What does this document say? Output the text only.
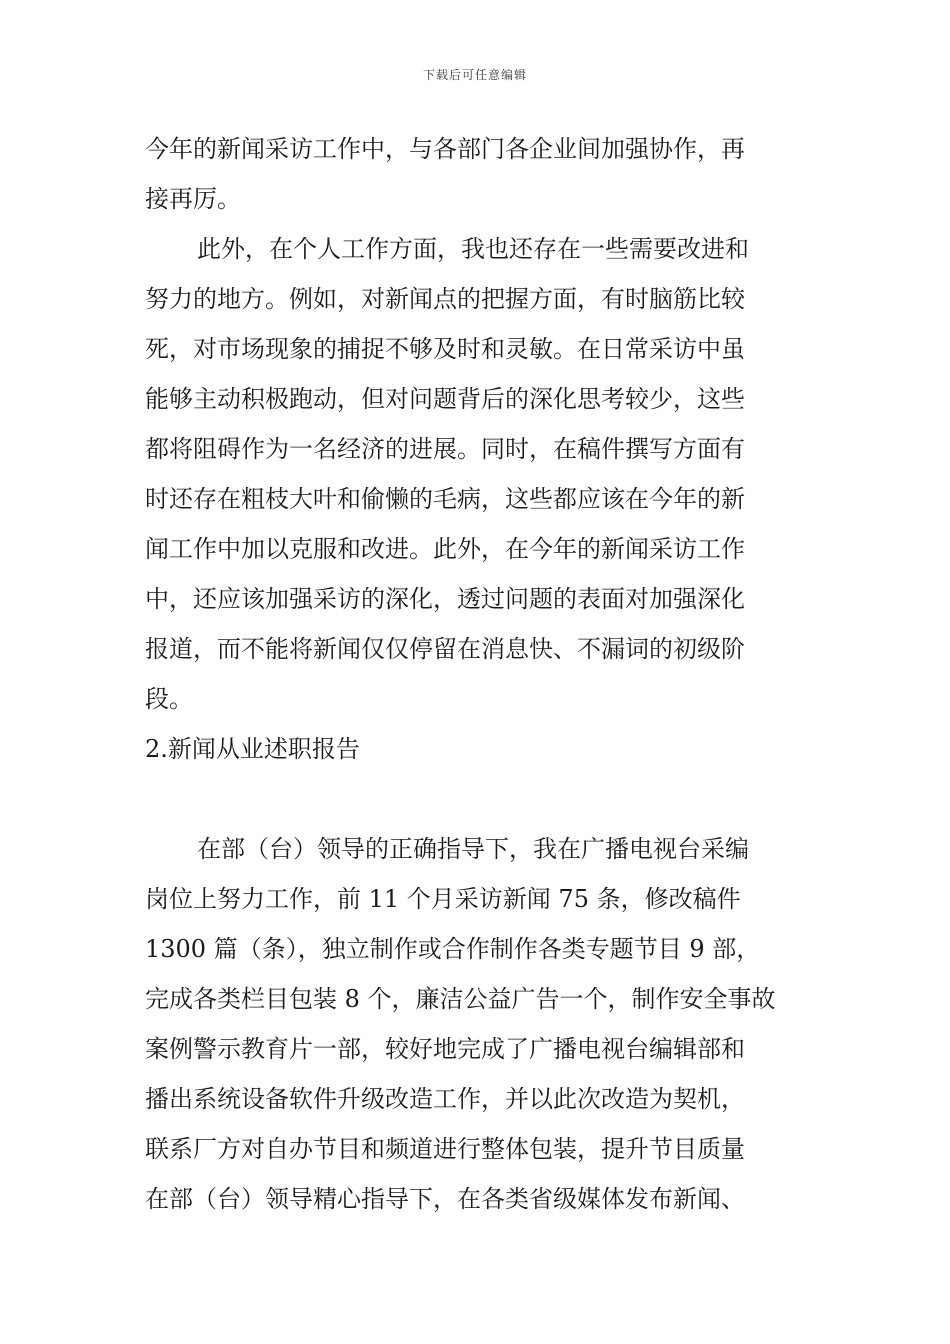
下载后可任意编辑
今年的新闻采访工作中，与各部门各企业间加强协作，再
接再厉。
此外，在个人工作方面，我也还存在一些需要改进和
努力的地方。例如，对新闻点的把握方面，有时脑筋比较
死，对市场现象的捕捉不够及时和灵敏。在日常采访中虽
能够主动积极跑动，但对问题背后的深化思考较少，这些
都将阻碍作为一名经济的进展。同时，在稿件撰写方面有
时还存在粗枝大叶和偷懒的毛病，这些都应该在今年的新
闻工作中加以克服和改进。此外，在今年的新闻采访工作
中，还应该加强采访的深化，透过问题的表面对加强深化
报道，而不能将新闻仅仅停留在消息快、不漏词的初级阶
段。
2.新闻从业述职报告
在部（台）领导的正确指导下，我在广播电视台采编
岗位上努力工作，前 11 个月采访新闻 75 条，修改稿件
1300 篇（条），独立制作或合作制作各类专题节目 9 部，
完成各类栏目包装 8 个，廉洁公益广告一个，制作安全事故
案例警示教育片一部，较好地完成了广播电视台编辑部和
播出系统设备软件升级改造工作，并以此次改造为契机，
联系厂方对自办节目和频道进行整体包装，提升节目质量
在部（台）领导精心指导下，在各类省级媒体发布新闻、
